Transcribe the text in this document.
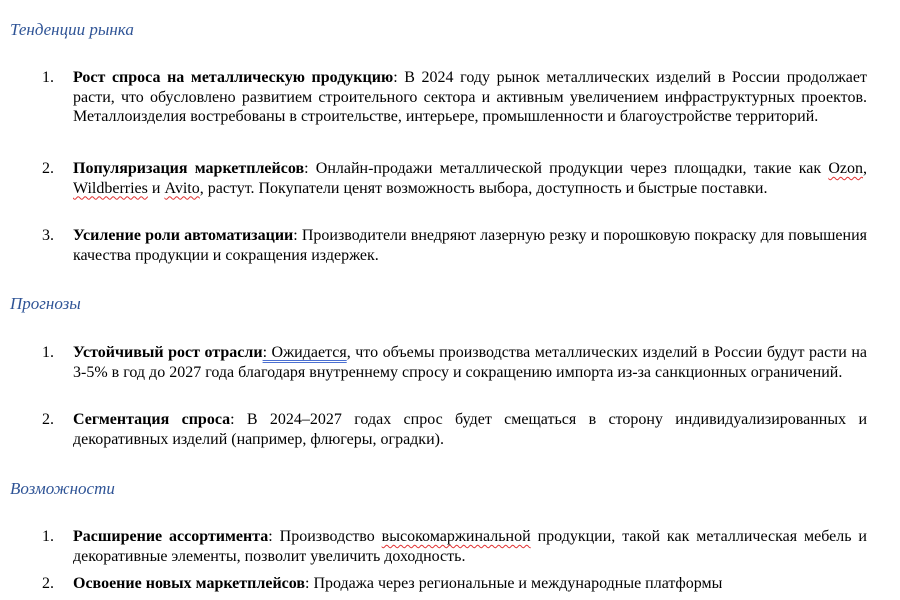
Тенденции рынка
1.	Рост спроса на металлическую продукцию: В 2024 году рынок металлических изделий в России продолжает расти, что обусловлено развитием строительного сектора и активным увеличением инфраструктурных проектов. Металлоизделия востребованы в строительстве, интерьере, промышленности и благоустройстве территорий.
2.	Популяризация маркетплейсов: Онлайн-продажи металлической продукции через площадки, такие как Ozon, Wildberries и Avito, растут. Покупатели ценят возможность выбора, доступность и быстрые поставки.
3.	Усиление роли автоматизации: Производители внедряют лазерную резку и порошковую покраску для повышения качества продукции и сокращения издержек.
Прогнозы
1.	Устойчивый рост отрасли: Ожидается, что объемы производства металлических изделий в России будут расти на 3-5% в год до 2027 года благодаря внутреннему спросу и сокращению импорта из-за санкционных ограничений.
2.	Сегментация спроса: В 2024–2027 годах спрос будет смещаться в сторону индивидуализированных и декоративных изделий (например, флюгеры, оградки).
Возможности
1.	Расширение ассортимента: Производство высокомаржинальной продукции, такой как металлическая мебель и декоративные элементы, позволит увеличить доходность.
2.	Освоение новых маркетплейсов: Продажа через региональные и международные платформы
